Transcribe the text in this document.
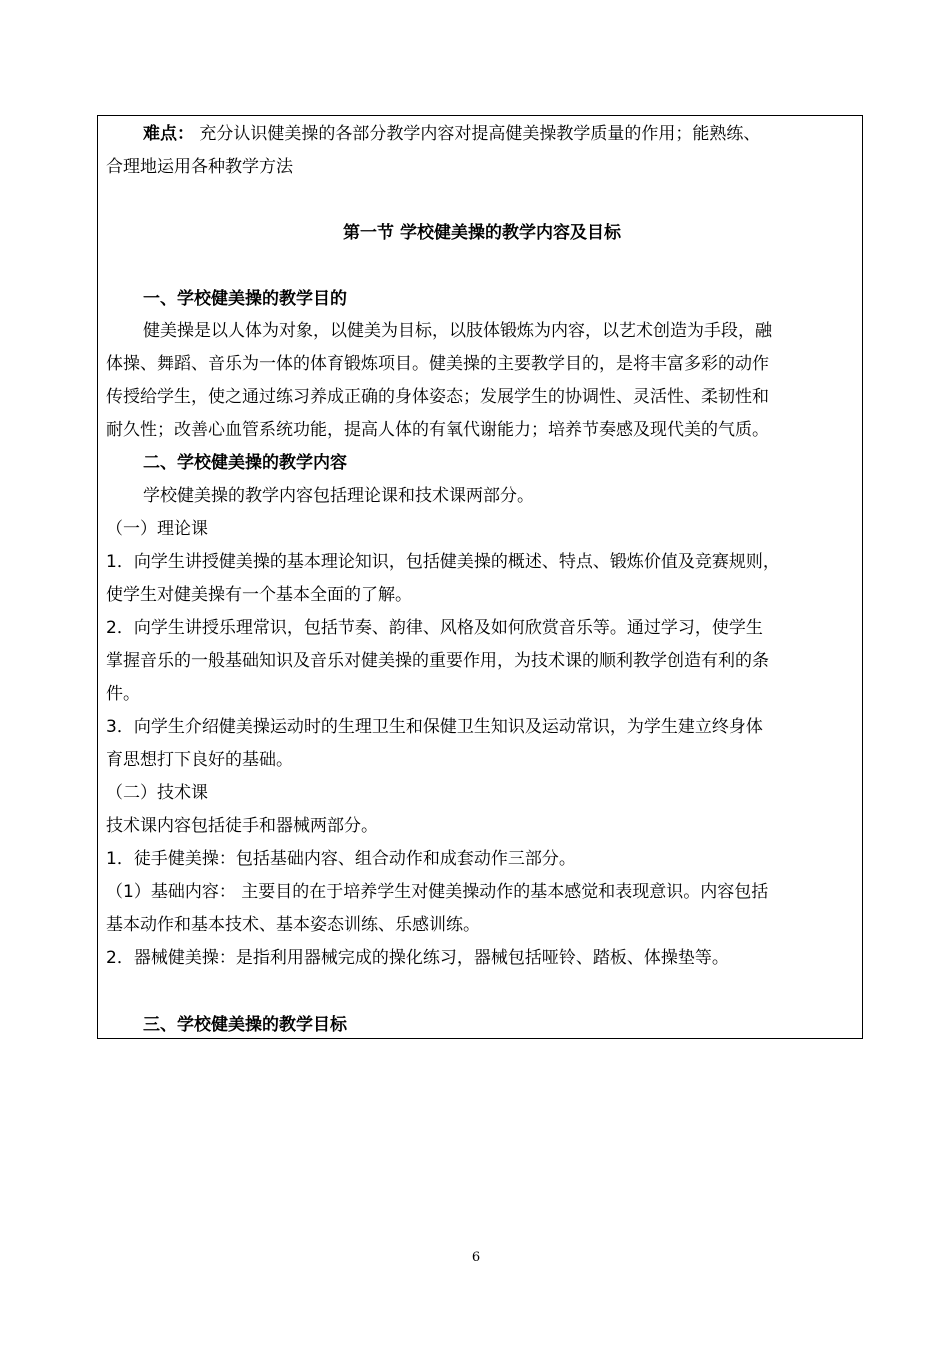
难点： 充分认识健美操的各部分教学内容对提高健美操教学质量的作用；能熟练、
合理地运用各种教学方法
第一节 学校健美操的教学内容及目标
一、学校健美操的教学目的
健美操是以人体为对象，以健美为目标，以肢体锻炼为内容，以艺术创造为手段，融
体操、舞蹈、音乐为一体的体育锻炼项目。健美操的主要教学目的，是将丰富多彩的动作
传授给学生，使之通过练习养成正确的身体姿态；发展学生的协调性、灵活性、柔韧性和
耐久性；改善心血管系统功能，提高人体的有氧代谢能力；培养节奏感及现代美的气质。
二、学校健美操的教学内容
学校健美操的教学内容包括理论课和技术课两部分。
（一）理论课
1．向学生讲授健美操的基本理论知识，包括健美操的概述、特点、锻炼价值及竞赛规则，
使学生对健美操有一个基本全面的了解。
2．向学生讲授乐理常识，包括节奏、韵律、风格及如何欣赏音乐等。通过学习，使学生
掌握音乐的一般基础知识及音乐对健美操的重要作用，为技术课的顺利教学创造有利的条
件。
3．向学生介绍健美操运动时的生理卫生和保健卫生知识及运动常识，为学生建立终身体
育思想打下良好的基础。
（二）技术课
技术课内容包括徒手和器械两部分。
1．徒手健美操：包括基础内容、组合动作和成套动作三部分。
（1）基础内容： 主要目的在于培养学生对健美操动作的基本感觉和表现意识。内容包括
基本动作和基本技术、基本姿态训练、乐感训练。
2．器械健美操：是指利用器械完成的操化练习，器械包括哑铃、踏板、体操垫等。
三、学校健美操的教学目标
6
